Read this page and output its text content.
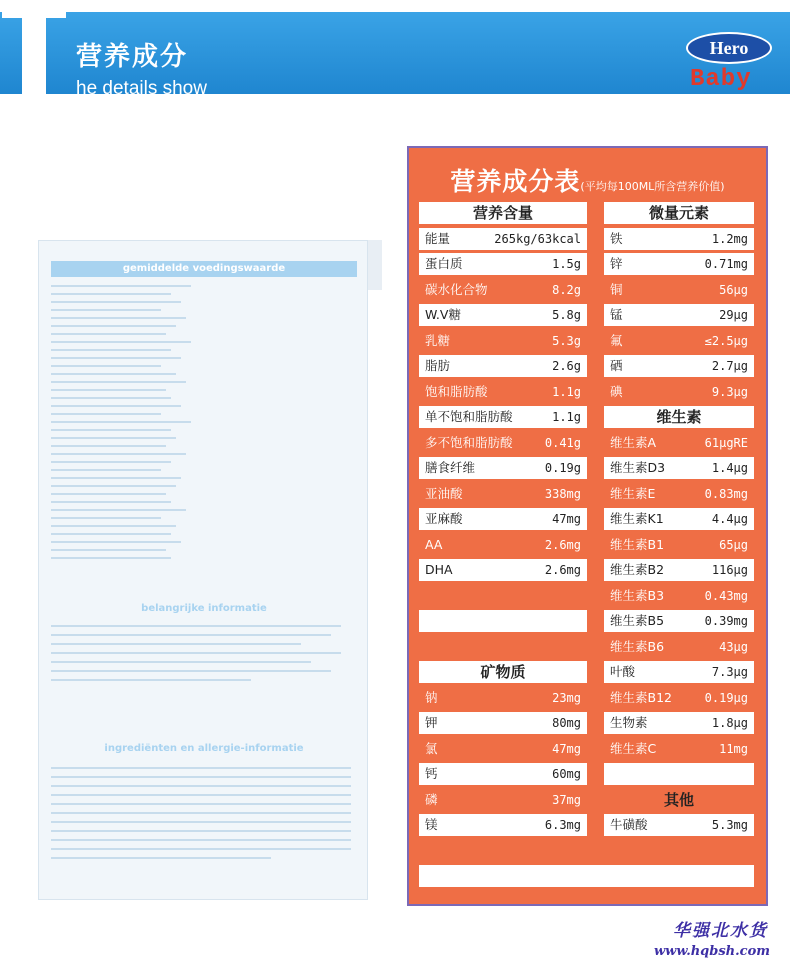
营养成分
he details show
Hero
Baby
gemiddelde voedingswaarde
belangrijke informatie
ingrediënten en allergie-informatie
营养成分表(平均每100ML所含营养价值)
营养含量
能量	265kg/63kcal
蛋白质	1.5g
碳水化合物	8.2g
W.V糖	5.8g
乳糖	5.3g
脂肪	2.6g
饱和脂肪酸	1.1g
单不饱和脂肪酸	1.1g
多不饱和脂肪酸	0.41g
膳食纤维	0.19g
亚油酸	338mg
亚麻酸	47mg
AA	2.6mg
DHA	2.6mg
矿物质
钠	23mg
钾	80mg
氯	47mg
钙	60mg
磷	37mg
镁	6.3mg
微量元素
铁	1.2mg
锌	0.71mg
铜	56μg
锰	29μg
氟	≤2.5μg
硒	2.7μg
碘	9.3μg
维生素
维生素A	61μgRE
维生素D3	1.4μg
维生素E	0.83mg
维生素K1	4.4μg
维生素B1	65μg
维生素B2	116μg
维生素B3	0.43mg
维生素B5	0.39mg
维生素B6	43μg
叶酸	7.3μg
维生素B12	0.19μg
生物素	1.8μg
维生素C	11mg
其他
牛磺酸	5.3mg
华强北水货
www.hqbsh.com
